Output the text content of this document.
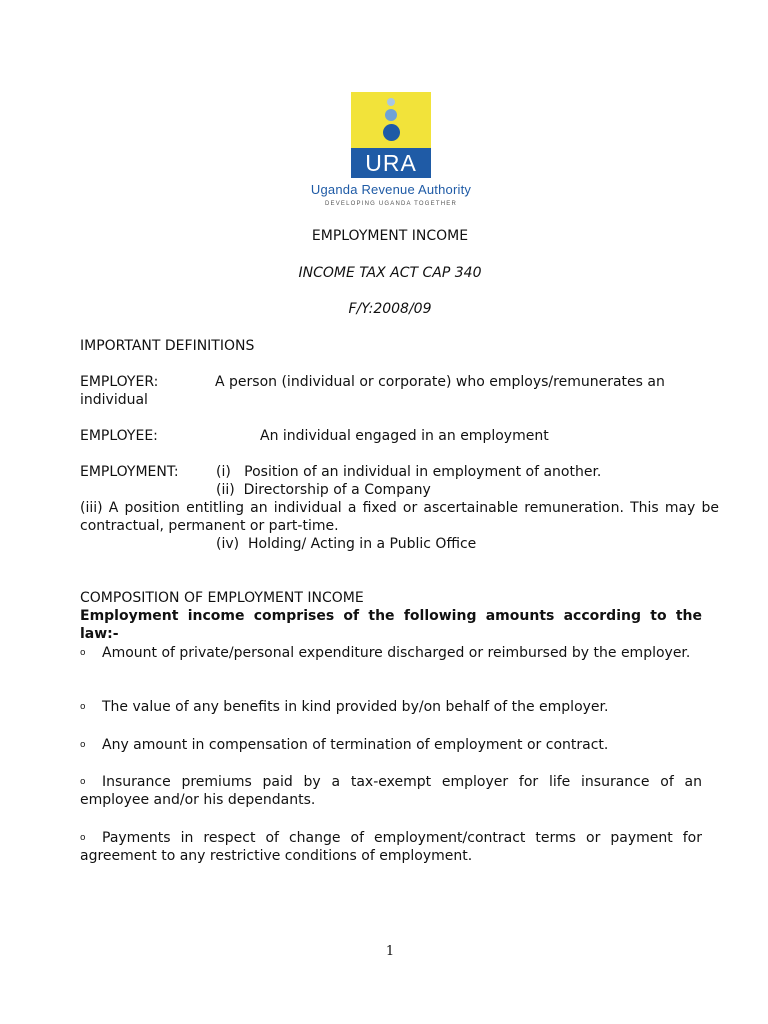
URA
Uganda Revenue Authority
DEVELOPING UGANDA TOGETHER
EMPLOYMENT INCOME
INCOME TAX ACT CAP 340
F/Y:2008/09
IMPORTANT DEFINITIONS
EMPLOYER:	A person (individual or corporate) who employs/remunerates an
individual
EMPLOYEE:	An individual engaged in an employment
EMPLOYMENT:	(i)   Position of an individual in employment of another.
(ii)  Directorship of a Company
(iii) A position entitling an individual a fixed or ascertainable remuneration. This may be contractual, permanent or part-time.
(iv)  Holding/ Acting in a Public Office
COMPOSITION OF EMPLOYMENT INCOME
Employment income comprises of the following amounts according to the law:-
o Amount of private/personal expenditure discharged or reimbursed by the employer.
o The value of any benefits in kind provided by/on behalf of the employer.
o Any amount in compensation of termination of employment or contract.
o Insurance premiums paid by a tax-exempt employer for life insurance of an employee and/or his dependants.
o Payments in respect of change of employment/contract terms or payment for agreement to any restrictive conditions of employment.
1
